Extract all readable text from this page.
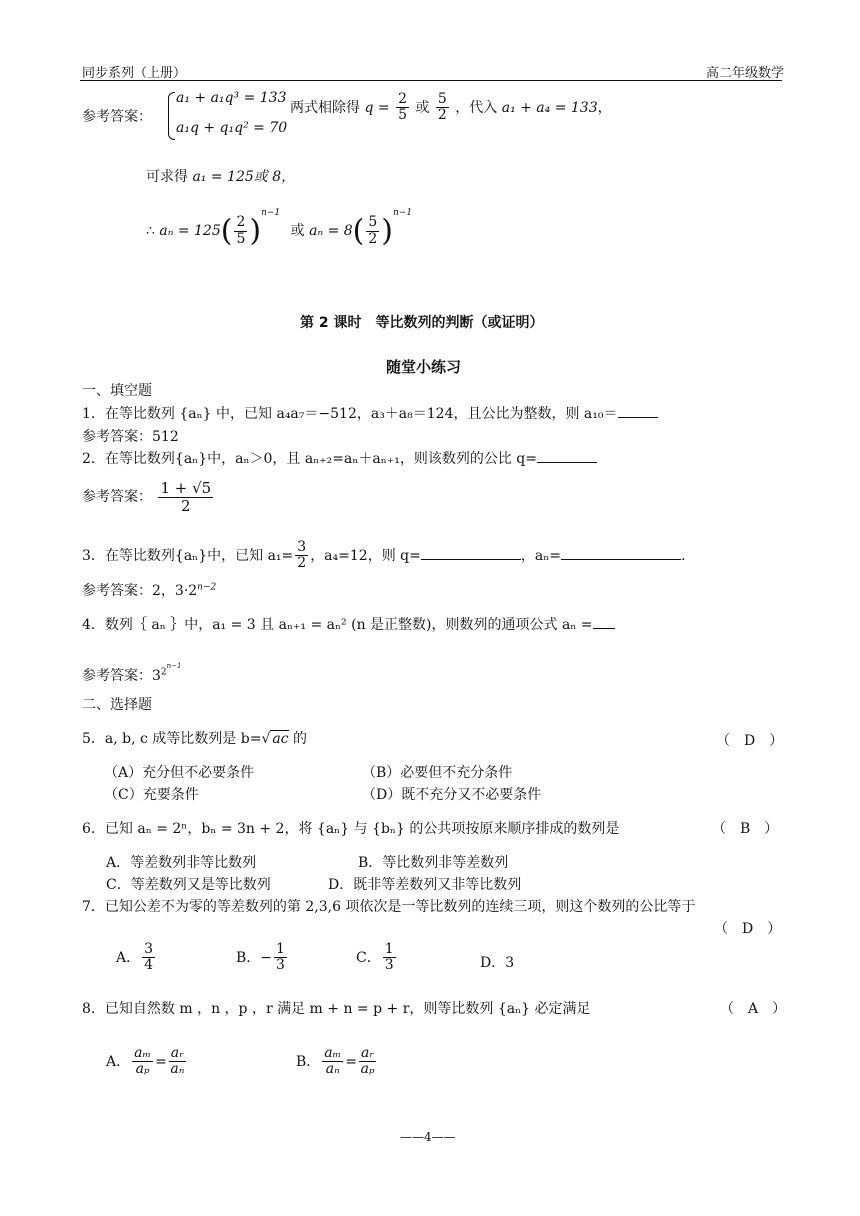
同步系列（上册）	高二年级数学
参考答案：
a₁ + a₁q³ = 133
a₁q + q₁q² = 70
两式相除得 $q = \frac{2}{5}$ 或 $\frac{5}{2}$ ，代入 a₁ + a₄ = 133，
可求得 a₁ = 125或 8，
∴ $a_n = 125( \frac{2}{5} )^{n-1}$ 或 $a_n = 8( \frac{5}{2} )^{n-1}$
第 2 课时　等比数列的判断（或证明）
随堂小练习
一、填空题
1．在等比数列 {aₙ} 中，已知 a₄a₇＝−512，a₃＋a₈＝124，且公比为整数，则 a₁₀＝
参考答案：512
2．在等比数列{aₙ}中，aₙ＞0，且 aₙ₊₂=aₙ＋aₙ₊₁，则该数列的公比 q=
参考答案： $\frac{1 + √5}{2}$
3．在等比数列{aₙ}中，已知 $a_1= \frac{3}{2}$ ，a₄=12，则 q=	，aₙ=	.
参考答案：2，$3\cdot 2^{n-2}$
4．数列｛ aₙ ｝中，a₁ = 3 且 aₙ₊₁ = aₙ² (n 是正整数)，则数列的通项公式 aₙ =
参考答案：$3^{2n-1}$
二、选择题
5．a, b, c 成等比数列是 b=√ ac 的	（　D　）
（A）充分但不必要条件	（B）必要但不充分条件
（C）充要条件	（D）既不充分又不必要条件
6．已知 aₙ = 2ⁿ，bₙ = 3n + 2，将 {aₙ} 与 {bₙ} 的公共项按原来顺序排成的数列是	（　B　）
A．等差数列非等比数列	B．等比数列非等差数列
C．等差数列又是等比数列	D．既非等差数列又非等比数列
7．已知公差不为零的等差数列的第 2,3,6 项依次是一等比数列的连续三项，则这个数列的公比等于
（　D　）
A． $\frac{3}{4}$	B．− $\frac{1}{3}$	C． $\frac{1}{3}$	D．3
8．已知自然数 m ，n ，p ，r 满足 m + n = p + r，则等比数列 {aₙ} 必定满足	（　A　）
A． $\frac{\text{aₘ}}{\text{aₚ}} = \frac{\text{aᵣ}}{\text{aₙ}}$	B． $\frac{\text{aₘ}}{\text{aₙ}} = \frac{\text{aᵣ}}{\text{aₚ}}$
——4——
